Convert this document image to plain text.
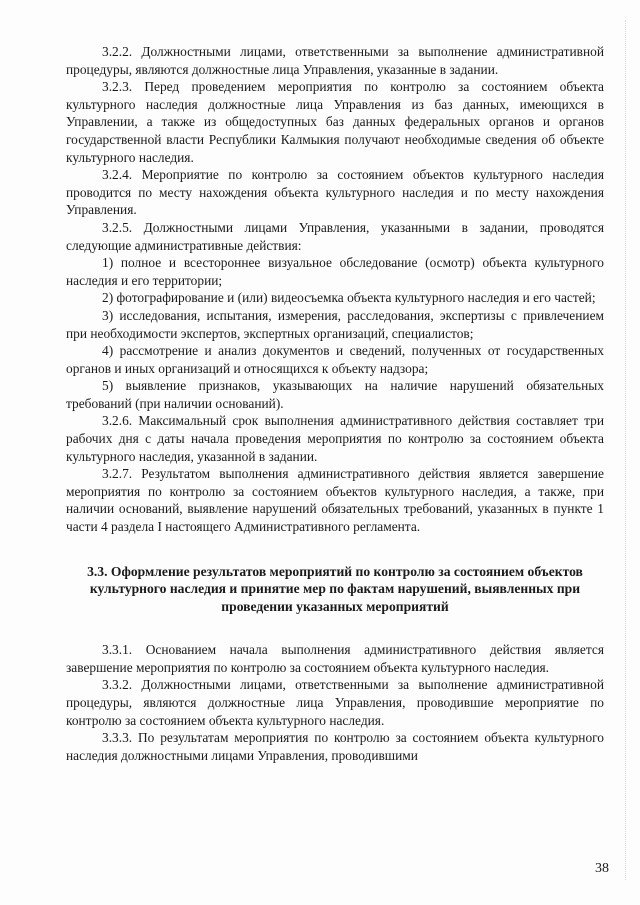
3.2.2. Должностными лицами, ответственными за выполнение административной процедуры, являются должностные лица Управления, указанные в задании.

3.2.3. Перед проведением мероприятия по контролю за состоянием объекта культурного наследия должностные лица Управления из баз данных, имеющихся в Управлении, а также из общедоступных баз данных федеральных органов и органов государственной власти Республики Калмыкия получают необходимые сведения об объекте культурного наследия.

3.2.4. Мероприятие по контролю за состоянием объектов культурного наследия проводится по месту нахождения объекта культурного наследия и по месту нахождения Управления.

3.2.5. Должностными лицами Управления, указанными в задании, проводятся следующие административные действия:

1) полное и всестороннее визуальное обследование (осмотр) объекта культурного наследия и его территории;

2) фотографирование и (или) видеосъемка объекта культурного наследия и его частей;

3) исследования, испытания, измерения, расследования, экспертизы с привлечением при необходимости экспертов, экспертных организаций, специалистов;

4) рассмотрение и анализ документов и сведений, полученных от государственных органов и иных организаций и относящихся к объекту надзора;

5) выявление признаков, указывающих на наличие нарушений обязательных требований (при наличии оснований).

3.2.6. Максимальный срок выполнения административного действия составляет три рабочих дня с даты начала проведения мероприятия по контролю за состоянием объекта культурного наследия, указанной в задании.

3.2.7. Результатом выполнения административного действия является завершение мероприятия по контролю за состоянием объектов культурного наследия, а также, при наличии оснований, выявление нарушений обязательных требований, указанных в пункте 1 части 4 раздела I настоящего Административного регламента.

3.3. Оформление результатов мероприятий по контролю за состоянием объектов культурного наследия и принятие мер по фактам нарушений, выявленных при проведении указанных мероприятий

3.3.1. Основанием начала выполнения административного действия является завершение мероприятия по контролю за состоянием объекта культурного наследия.

3.3.2. Должностными лицами, ответственными за выполнение административной процедуры, являются должностные лица Управления, проводившие мероприятие по контролю за состоянием объекта культурного наследия.

3.3.3. По результатам мероприятия по контролю за состоянием объекта культурного наследия должностными лицами Управления, проводившими

38
